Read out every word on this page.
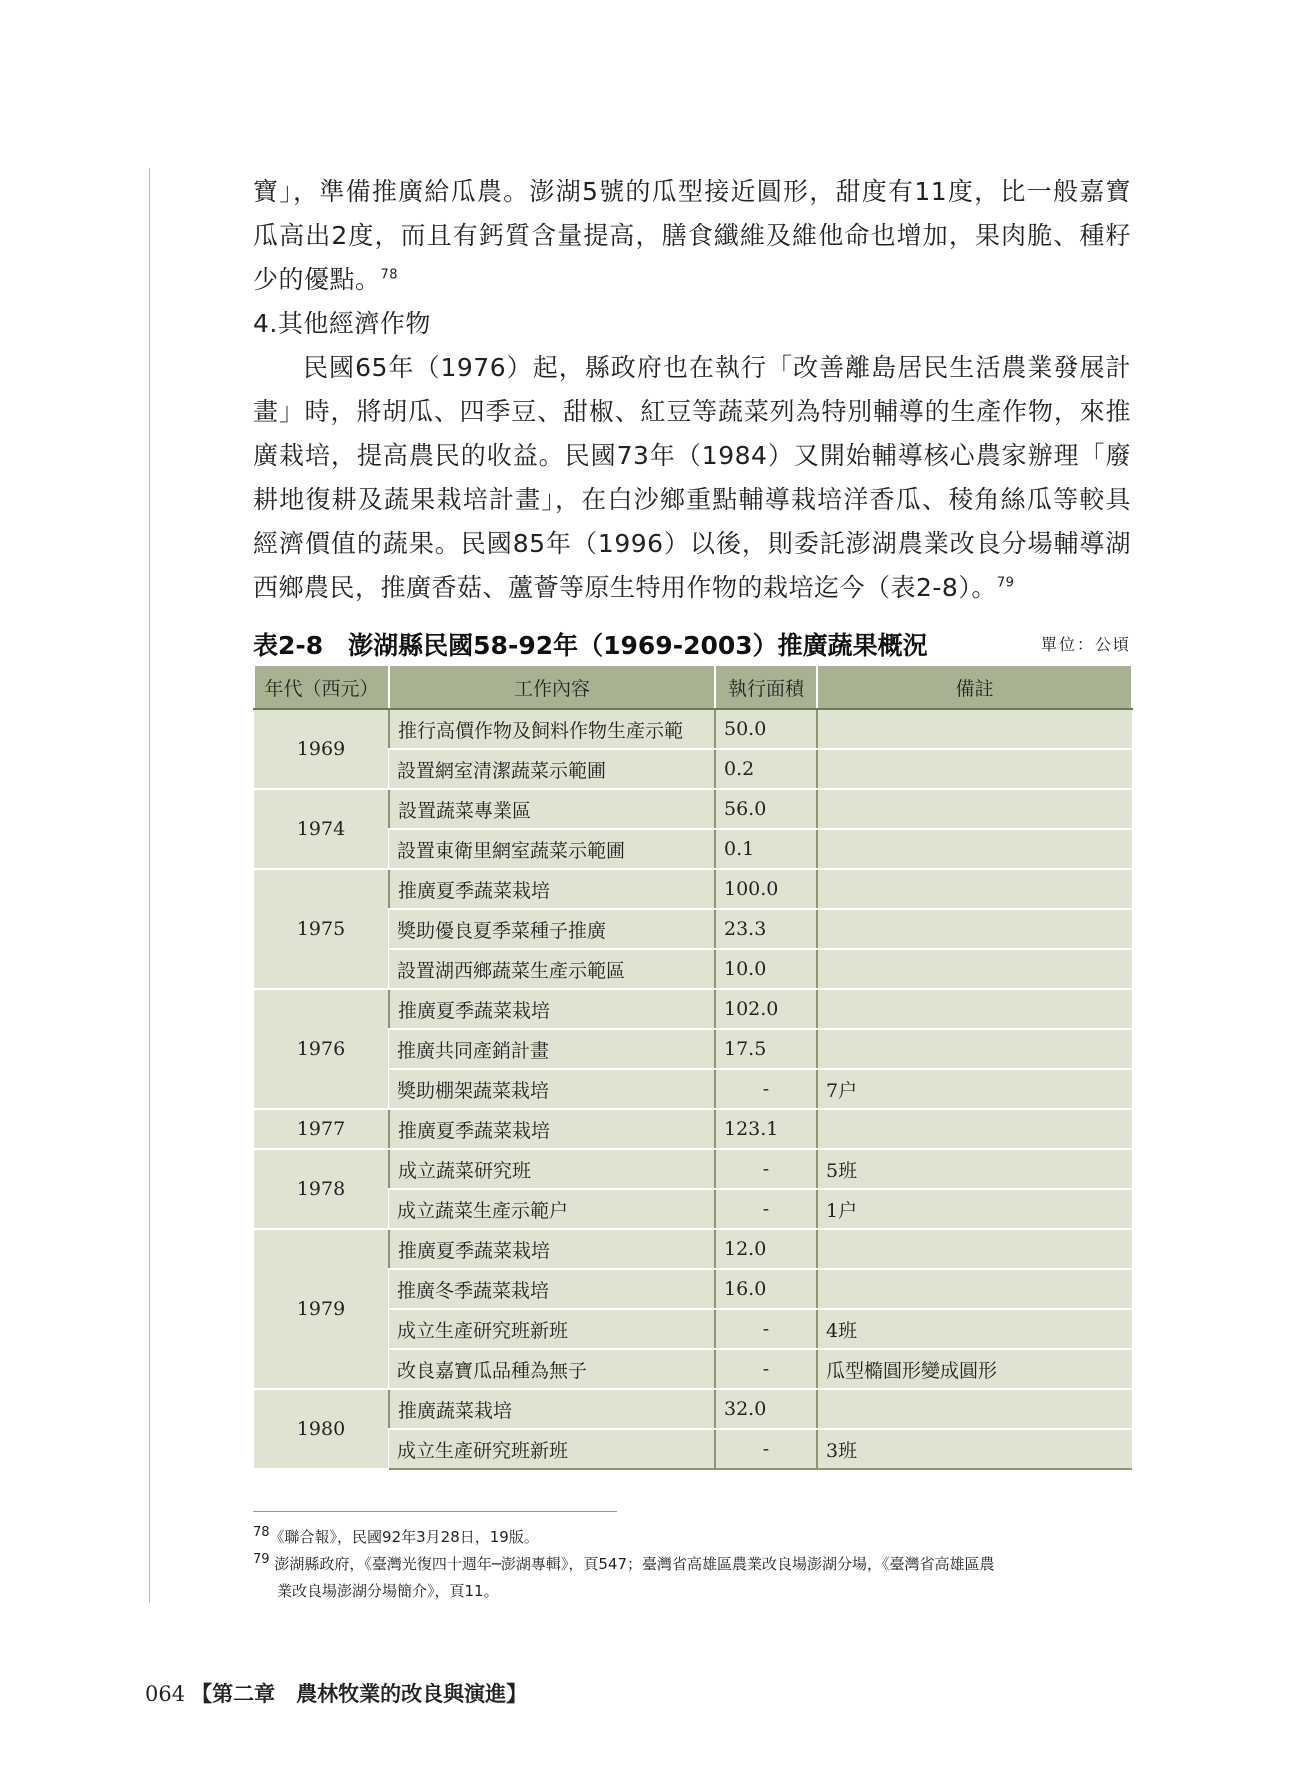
寶」，準備推廣給瓜農。澎湖5號的瓜型接近圓形，甜度有11度，比一般嘉寶瓜高出2度，而且有鈣質含量提高，膳食纖維及維他命也增加，果肉脆、種籽少的優點。$^{78}$

4.其他經濟作物

民國65年（1976）起，縣政府也在執行「改善離島居民生活農業發展計畫」時，將胡瓜、四季豆、甜椒、紅豆等蔬菜列為特別輔導的生產作物，來推廣栽培，提高農民的收益。民國73年（1984）又開始輔導核心農家辦理「廢耕地復耕及蔬果栽培計畫」，在白沙鄉重點輔導栽培洋香瓜、稜角絲瓜等較具經濟價值的蔬果。民國85年（1996）以後，則委託澎湖農業改良分場輔導湖西鄉農民，推廣香菇、蘆薈等原生特用作物的栽培迄今（表2-8）。$^{79}$

表2-8　澎湖縣民國58-92年（1969-2003）推廣蔬果概況	單位：公頃
年代（西元）	工作內容	執行面積	備註
1969	推行高價作物及飼料作物生產示範	50.0	
	設置網室清潔蔬菜示範圃	0.2	
1974	設置蔬菜專業區	56.0	
	設置東衛里網室蔬菜示範圃	0.1	
1975	推廣夏季蔬菜栽培	100.0	
	獎助優良夏季菜種子推廣	23.3	
	設置湖西鄉蔬菜生產示範區	10.0	
1976	推廣夏季蔬菜栽培	102.0	
	推廣共同產銷計畫	17.5	
	獎助棚架蔬菜栽培	-	7户
1977	推廣夏季蔬菜栽培	123.1	
1978	成立蔬菜研究班	-	5班
	成立蔬菜生產示範户	-	1户
1979	推廣夏季蔬菜栽培	12.0	
	推廣冬季蔬菜栽培	16.0	
	成立生產研究班新班	-	4班
	改良嘉寶瓜品種為無子	-	瓜型橢圓形變成圓形
1980	推廣蔬菜栽培	32.0	
	成立生產研究班新班	-	3班

78《聯合報》，民國92年3月28日，19版。

79 澎湖縣政府，《臺灣光復四十週年─澎湖專輯》，頁547；臺灣省高雄區農業改良場澎湖分場，《臺灣省高雄區農

業改良場澎湖分場簡介》，頁11。

064 【第二章　農林牧業的改良與演進】
